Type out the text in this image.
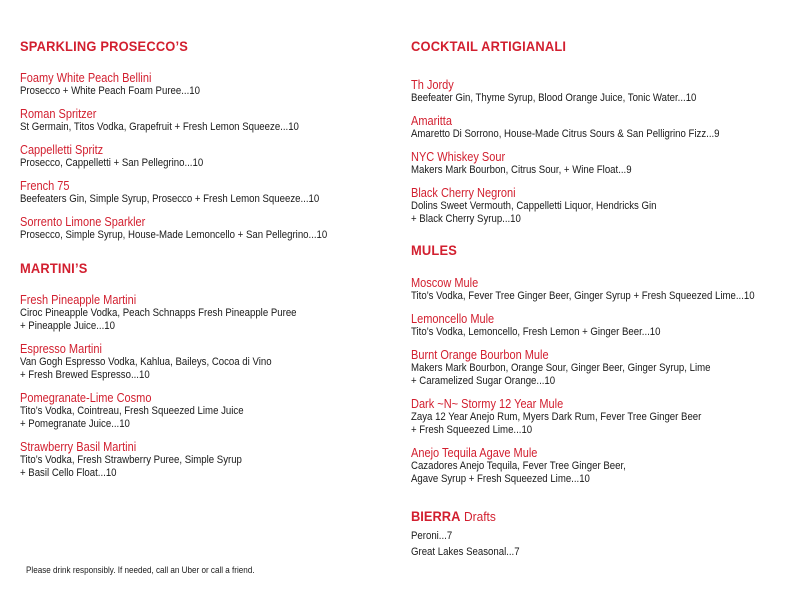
SPARKLING PROSECCO’S
Foamy White Peach Bellini
Prosecco + White Peach Foam Puree...10
Roman Spritzer
St Germain, Titos Vodka, Grapefruit + Fresh Lemon Squeeze...10
Cappelletti Spritz
Prosecco, Cappelletti + San Pellegrino...10
French 75
Beefeaters Gin, Simple Syrup, Prosecco + Fresh Lemon Squeeze...10
Sorrento Limone Sparkler
Prosecco, Simple Syrup, House-Made Lemoncello + San Pellegrino...10
MARTINI’S
Fresh Pineapple Martini
Ciroc Pineapple Vodka, Peach Schnapps Fresh Pineapple Puree
+ Pineapple Juice...10
Espresso Martini
Van Gogh Espresso Vodka, Kahlua, Baileys, Cocoa di Vino
+ Fresh Brewed Espresso...10
Pomegranate-Lime Cosmo
Tito’s Vodka, Cointreau, Fresh Squeezed Lime Juice
+ Pomegranate Juice...10
Strawberry Basil Martini
Tito’s Vodka, Fresh Strawberry Puree, Simple Syrup
+ Basil Cello Float...10
COCKTAIL ARTIGIANALI
Th Jordy
Beefeater Gin, Thyme Syrup, Blood Orange Juice, Tonic Water...10
Amaritta
Amaretto Di Sorrono, House-Made Citrus Sours & San Pelligrino Fizz...9
NYC Whiskey Sour
Makers Mark Bourbon, Citrus Sour, + Wine Float...9
Black Cherry Negroni
Dolins Sweet Vermouth, Cappelletti Liquor, Hendricks Gin
+ Black Cherry Syrup...10
MULES
Moscow Mule
Tito’s Vodka, Fever Tree Ginger Beer, Ginger Syrup + Fresh Squeezed Lime...10
Lemoncello Mule
Tito’s Vodka, Lemoncello, Fresh Lemon + Ginger Beer...10
Burnt Orange Bourbon Mule
Makers Mark Bourbon, Orange Sour, Ginger Beer, Ginger Syrup, Lime
+ Caramelized Sugar Orange...10
Dark ~N~ Stormy 12 Year Mule
Zaya 12 Year Anejo Rum, Myers Dark Rum, Fever Tree Ginger Beer
+ Fresh Squeezed Lime...10
Anejo Tequila Agave Mule
Cazadores Anejo Tequila, Fever Tree Ginger Beer,
Agave Syrup + Fresh Squeezed Lime...10
BIERRA Drafts
Peroni...7
Great Lakes Seasonal...7
Please drink responsibly. If needed, call an Uber or call a friend.
